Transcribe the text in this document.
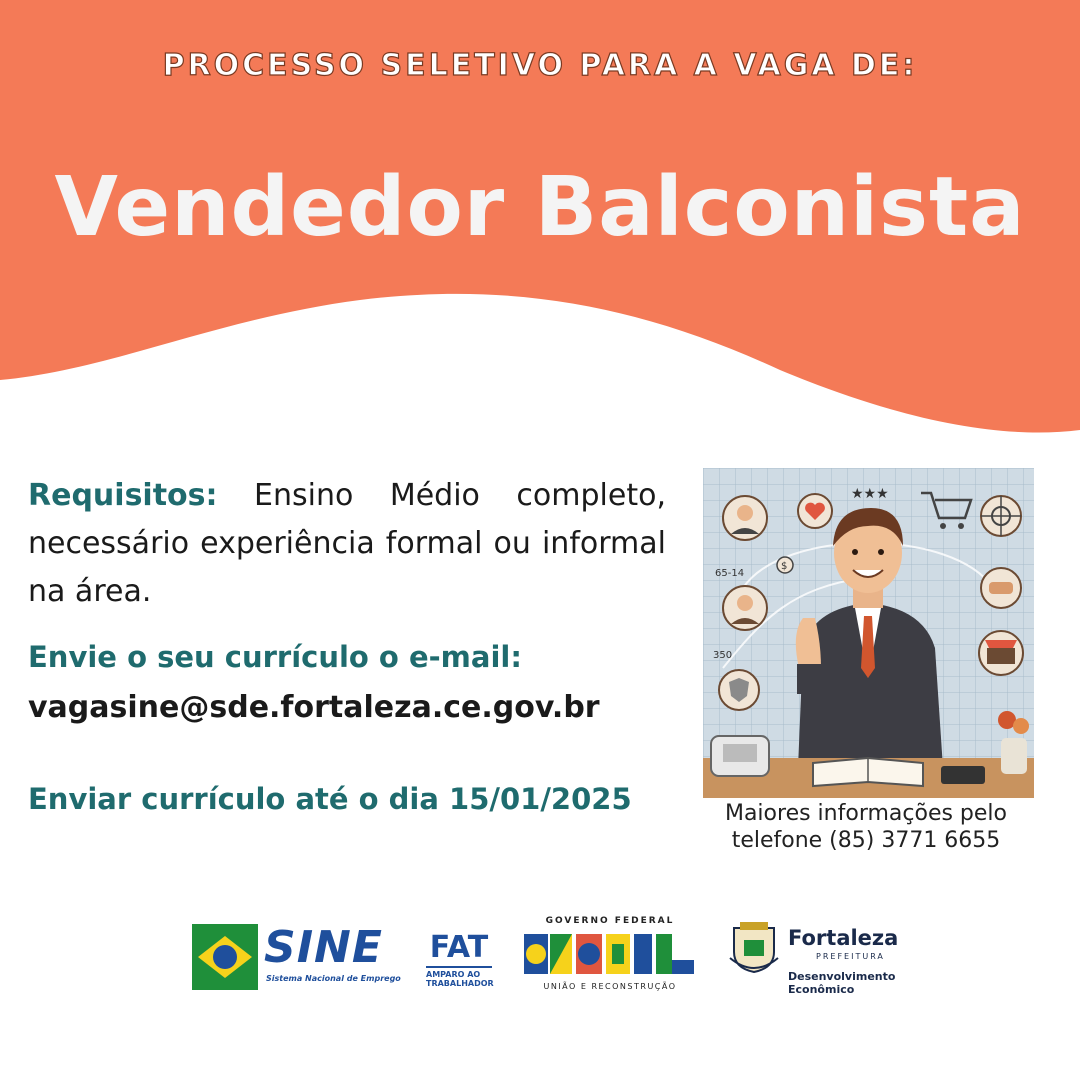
PROCESSO SELETIVO PARA A VAGA DE:
Vendedor Balconista
Requisitos: Ensino Médio completo, necessário experiência formal ou informal na área.
Envie o seu currículo o e-mail:
vagasine@sde.fortaleza.ce.gov.br
Enviar currículo até o dia 15/01/2025
★★★
65-14
$
350
Maiores informações pelo
telefone (85) 3771 6655
SINE
Sistema Nacional de Emprego
FAT
AMPARO AO
TRABALHADOR
GOVERNO FEDERAL
UNIÃO E RECONSTRUÇÃO
Fortaleza
PREFEITURA
Desenvolvimento
Econômico
